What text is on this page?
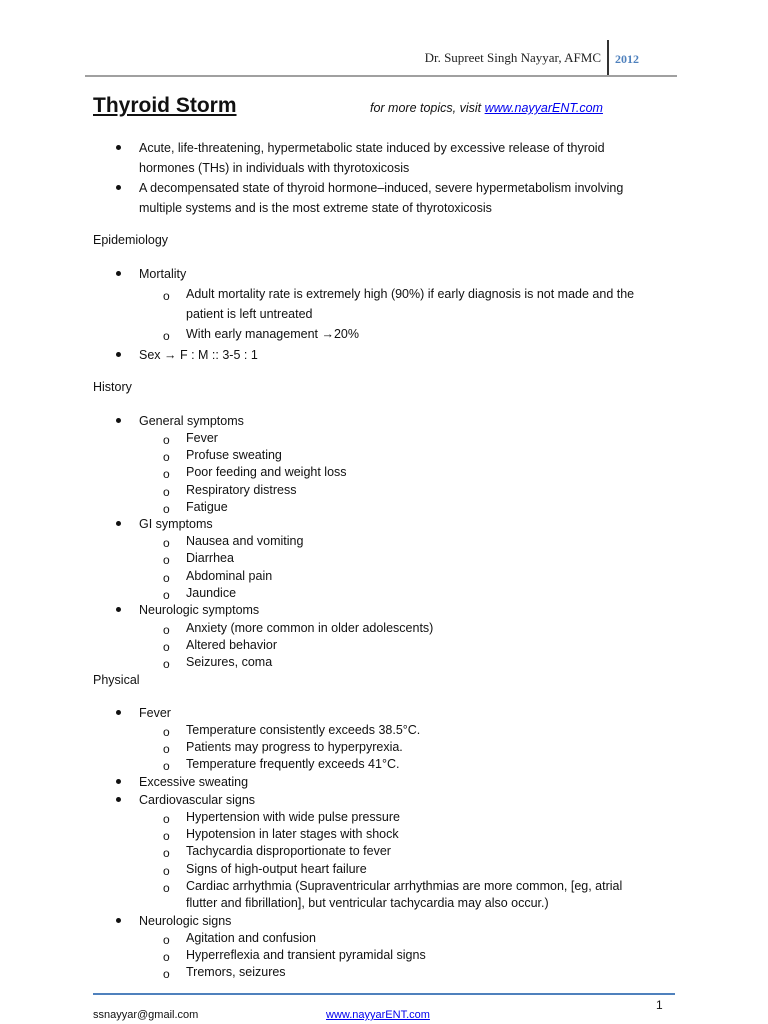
Dr. Supreet Singh Nayyar, AFMC 2012
Thyroid Storm	for more topics, visit www.nayyarENT.com
Acute, life-threatening, hypermetabolic state induced by excessive release of thyroid
hormones (THs) in individuals with thyrotoxicosis
A decompensated state of thyroid hormone–induced, severe hypermetabolism involving
multiple systems and is the most extreme state of thyrotoxicosis
Epidemiology
Mortality
o Adult mortality rate is extremely high (90%) if early diagnosis is not made and the
patient is left untreated
o With early management →20%
Sex → F : M :: 3-5 : 1
History
General symptoms
o Fever
o Profuse sweating
o Poor feeding and weight loss
o Respiratory distress
o Fatigue
GI symptoms
o Nausea and vomiting
o Diarrhea
o Abdominal pain
o Jaundice
Neurologic symptoms
o Anxiety (more common in older adolescents)
o Altered behavior
o Seizures, coma
Physical
Fever
o Temperature consistently exceeds 38.5°C.
o Patients may progress to hyperpyrexia.
o Temperature frequently exceeds 41°C.
Excessive sweating
Cardiovascular signs
o Hypertension with wide pulse pressure
o Hypotension in later stages with shock
o Tachycardia disproportionate to fever
o Signs of high-output heart failure
o Cardiac arrhythmia (Supraventricular arrhythmias are more common, [eg, atrial
flutter and fibrillation], but ventricular tachycardia may also occur.)
Neurologic signs
o Agitation and confusion
o Hyperreflexia and transient pyramidal signs
o Tremors, seizures
1
ssnayyar@gmail.com	www.nayyarENT.com
